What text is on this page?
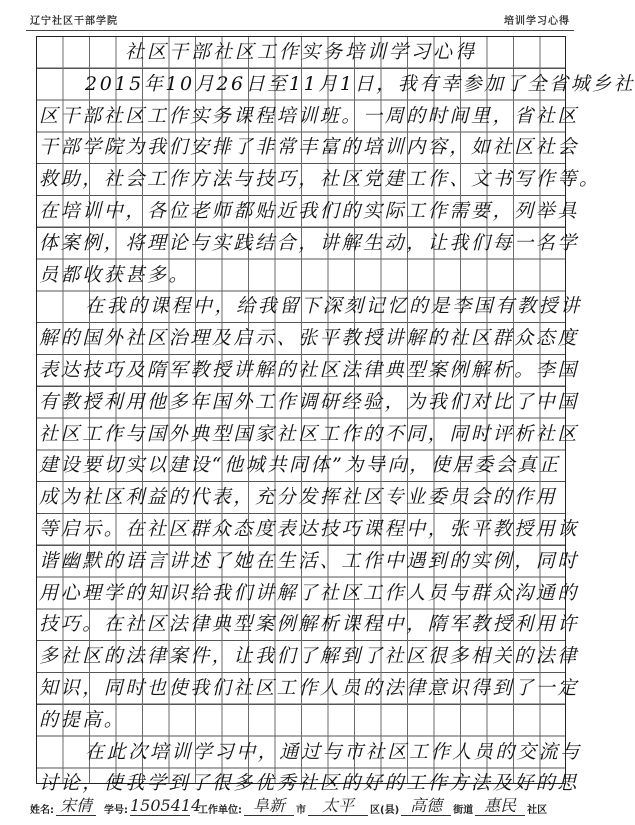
辽宁社区干部学院	培训学习心得
社区干部社区工作实务培训学习心得
2015年10月26日至11月1日，我有幸参加了全省城乡社
区干部社区工作实务课程培训班。一周的时间里，省社区
干部学院为我们安排了非常丰富的培训内容，如社区社会
救助，社会工作方法与技巧，社区党建工作、文书写作等。
在培训中，各位老师都贴近我们的实际工作需要，列举具
体案例，将理论与实践结合，讲解生动，让我们每一名学
员都收获甚多。
在我的课程中，给我留下深刻记忆的是李国有教授讲
解的国外社区治理及启示、张平教授讲解的社区群众态度
表达技巧及隋军教授讲解的社区法律典型案例解析。李国
有教授利用他多年国外工作调研经验，为我们对比了中国
社区工作与国外典型国家社区工作的不同，同时评析社区
建设要切实以建设“他城共同体”为导向，使居委会真正
成为社区利益的代表，充分发挥社区专业委员会的作用
等启示。在社区群众态度表达技巧课程中，张平教授用诙
谐幽默的语言讲述了她在生活、工作中遇到的实例，同时
用心理学的知识给我们讲解了社区工作人员与群众沟通的
技巧。在社区法律典型案例解析课程中，隋军教授利用许
多社区的法律案件，让我们了解到了社区很多相关的法律
知识，同时也使我们社区工作人员的法律意识得到了一定
的提高。
在此次培训学习中，通过与市社区工作人员的交流与
讨论，使我学到了很多优秀社区的好的工作方法及好的思
姓名: 宋倩	学号: 1505414
工作单位: 阜新	市 太平	区(县) 高德	街道 惠民	社区
